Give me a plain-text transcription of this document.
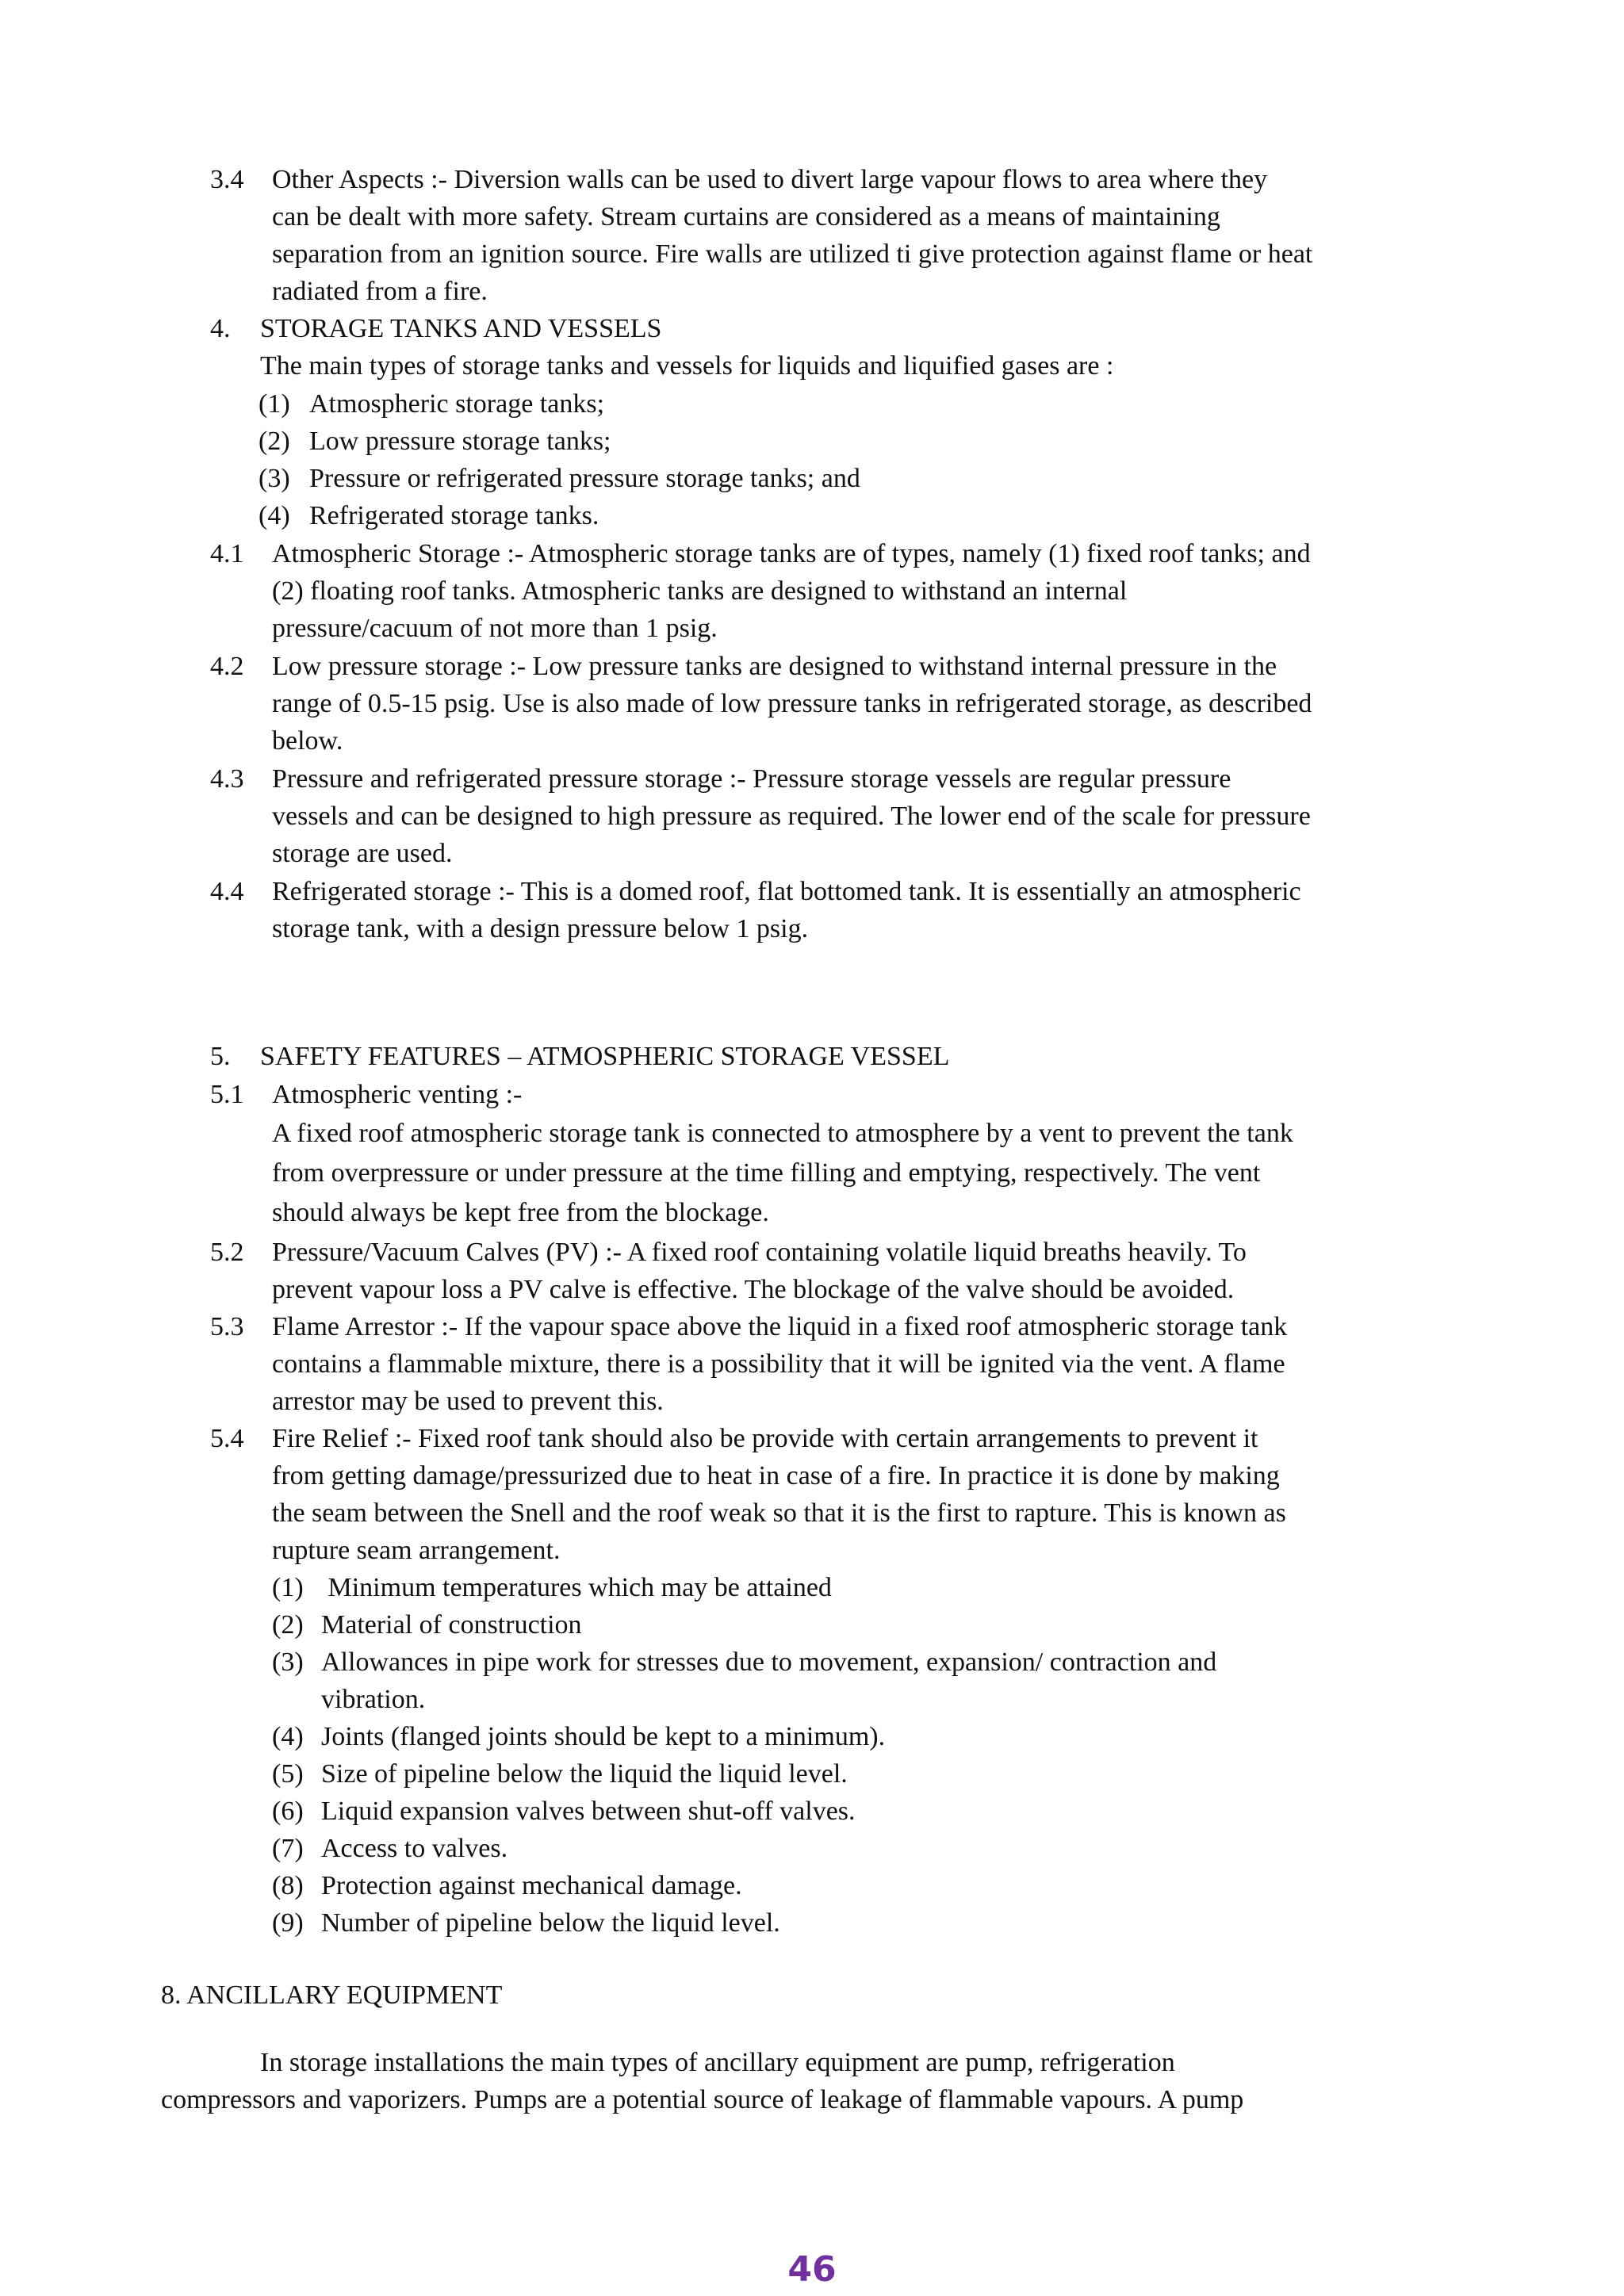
3.4 Other Aspects :- Diversion walls can be used to divert large vapour flows to area where they
can be dealt with more safety. Stream curtains are considered as a means of maintaining
separation from an ignition source. Fire walls are utilized ti give protection against flame or heat
radiated from a fire.
4. STORAGE TANKS AND VESSELS
The main types of storage tanks and vessels for liquids and liquified gases are :
(1) Atmospheric storage tanks;
(2) Low pressure storage tanks;
(3) Pressure or refrigerated pressure storage tanks; and
(4) Refrigerated storage tanks.
4.1 Atmospheric Storage :- Atmospheric storage tanks are of types, namely (1) fixed roof tanks; and
(2) floating roof tanks. Atmospheric tanks are designed to withstand an internal
pressure/cacuum of not more than 1 psig.
4.2 Low pressure storage :- Low pressure tanks are designed to withstand internal pressure in the
range of 0.5-15 psig. Use is also made of low pressure tanks in refrigerated storage, as described
below.
4.3 Pressure and refrigerated pressure storage :- Pressure storage vessels are regular pressure
vessels and can be designed to high pressure as required. The lower end of the scale for pressure
storage are used.
4.4 Refrigerated storage :- This is a domed roof, flat bottomed tank. It is essentially an atmospheric
storage tank, with a design pressure below 1 psig.
5. SAFETY FEATURES – ATMOSPHERIC STORAGE VESSEL
5.1 Atmospheric venting :-
A fixed roof atmospheric storage tank is connected to atmosphere by a vent to prevent the tank
from overpressure or under pressure at the time filling and emptying, respectively. The vent
should always be kept free from the blockage.
5.2 Pressure/Vacuum Calves (PV) :- A fixed roof containing volatile liquid breaths heavily. To
prevent vapour loss a PV calve is effective. The blockage of the valve should be avoided.
5.3 Flame Arrestor :- If the vapour space above the liquid in a fixed roof atmospheric storage tank
contains a flammable mixture, there is a possibility that it will be ignited via the vent. A flame
arrestor may be used to prevent this.
5.4 Fire Relief :- Fixed roof tank should also be provide with certain arrangements to prevent it
from getting damage/pressurized due to heat in case of a fire. In practice it is done by making
the seam between the Snell and the roof weak so that it is the first to rapture. This is known as
rupture seam arrangement.
(1) Minimum temperatures which may be attained
(2) Material of construction
(3) Allowances in pipe work for stresses due to movement, expansion/ contraction and
vibration.
(4) Joints (flanged joints should be kept to a minimum).
(5) Size of pipeline below the liquid the liquid level.
(6) Liquid expansion valves between shut-off valves.
(7) Access to valves.
(8) Protection against mechanical damage.
(9) Number of pipeline below the liquid level.
8. ANCILLARY EQUIPMENT
In storage installations the main types of ancillary equipment are pump, refrigeration
compressors and vaporizers. Pumps are a potential source of leakage of flammable vapours. A pump
46
